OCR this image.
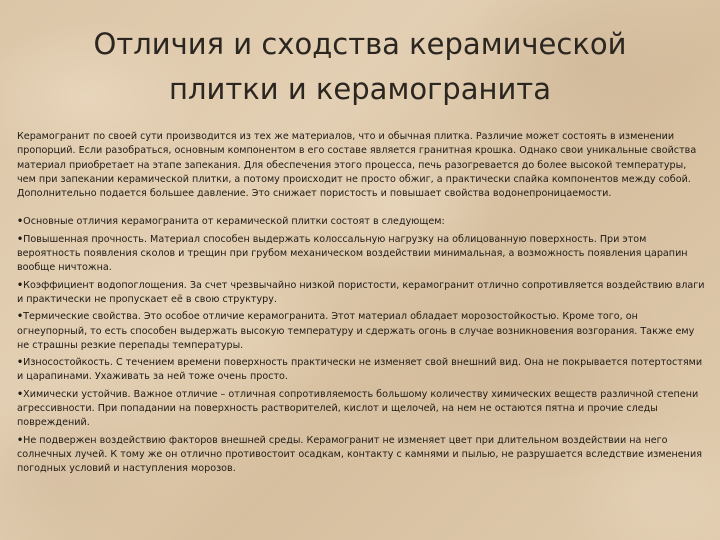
Отличия и сходства керамической
плитки и керамогранита

Керамогранит по своей сути производится из тех же материалов, что и обычная плитка. Различие может состоять в изменении пропорций. Если разобраться, основным компонентом в его составе является гранитная крошка. Однако свои уникальные свойства материал приобретает на этапе запекания. Для обеспечения этого процесса, печь разогревается до более высокой температуры, чем при запекании керамической плитки, а потому происходит не просто обжиг, а практически спайка компонентов между собой. Дополнительно подается большее давление. Это снижает пористость и повышает свойства водонепроницаемости.

•Основные отличия керамогранита от керамической плитки состоят в следующем:

•Повышенная прочность. Материал способен выдержать колоссальную нагрузку на облицованную поверхность. При этом вероятность появления сколов и трещин при грубом механическом воздействии минимальная, а возможность появления царапин вообще ничтожна.

•Коэффициент водопоглощения. За счет чрезвычайно низкой пористости, керамогранит отлично сопротивляется воздействию влаги и практически не пропускает её в свою структуру.

•Термические свойства. Это особое отличие керамогранита. Этот материал обладает морозостойкостью. Кроме того, он огнеупорный, то есть способен выдержать высокую температуру и сдержать огонь в случае возникновения возгорания. Также ему не страшны резкие перепады температуры.

•Износостойкость. С течением времени поверхность практически не изменяет свой внешний вид. Она не покрывается потертостями и царапинами. Ухаживать за ней тоже очень просто.

•Химически устойчив. Важное отличие – отличная сопротивляемость большому количеству химических веществ различной степени агрессивности. При попадании на поверхность растворителей, кислот и щелочей, на нем не остаются пятна и прочие следы повреждений.

•Не подвержен воздействию факторов внешней среды. Керамогранит не изменяет цвет при длительном воздействии на него солнечных лучей. К тому же он отлично противостоит осадкам, контакту с камнями и пылью, не разрушается вследствие изменения погодных условий и наступления морозов.
